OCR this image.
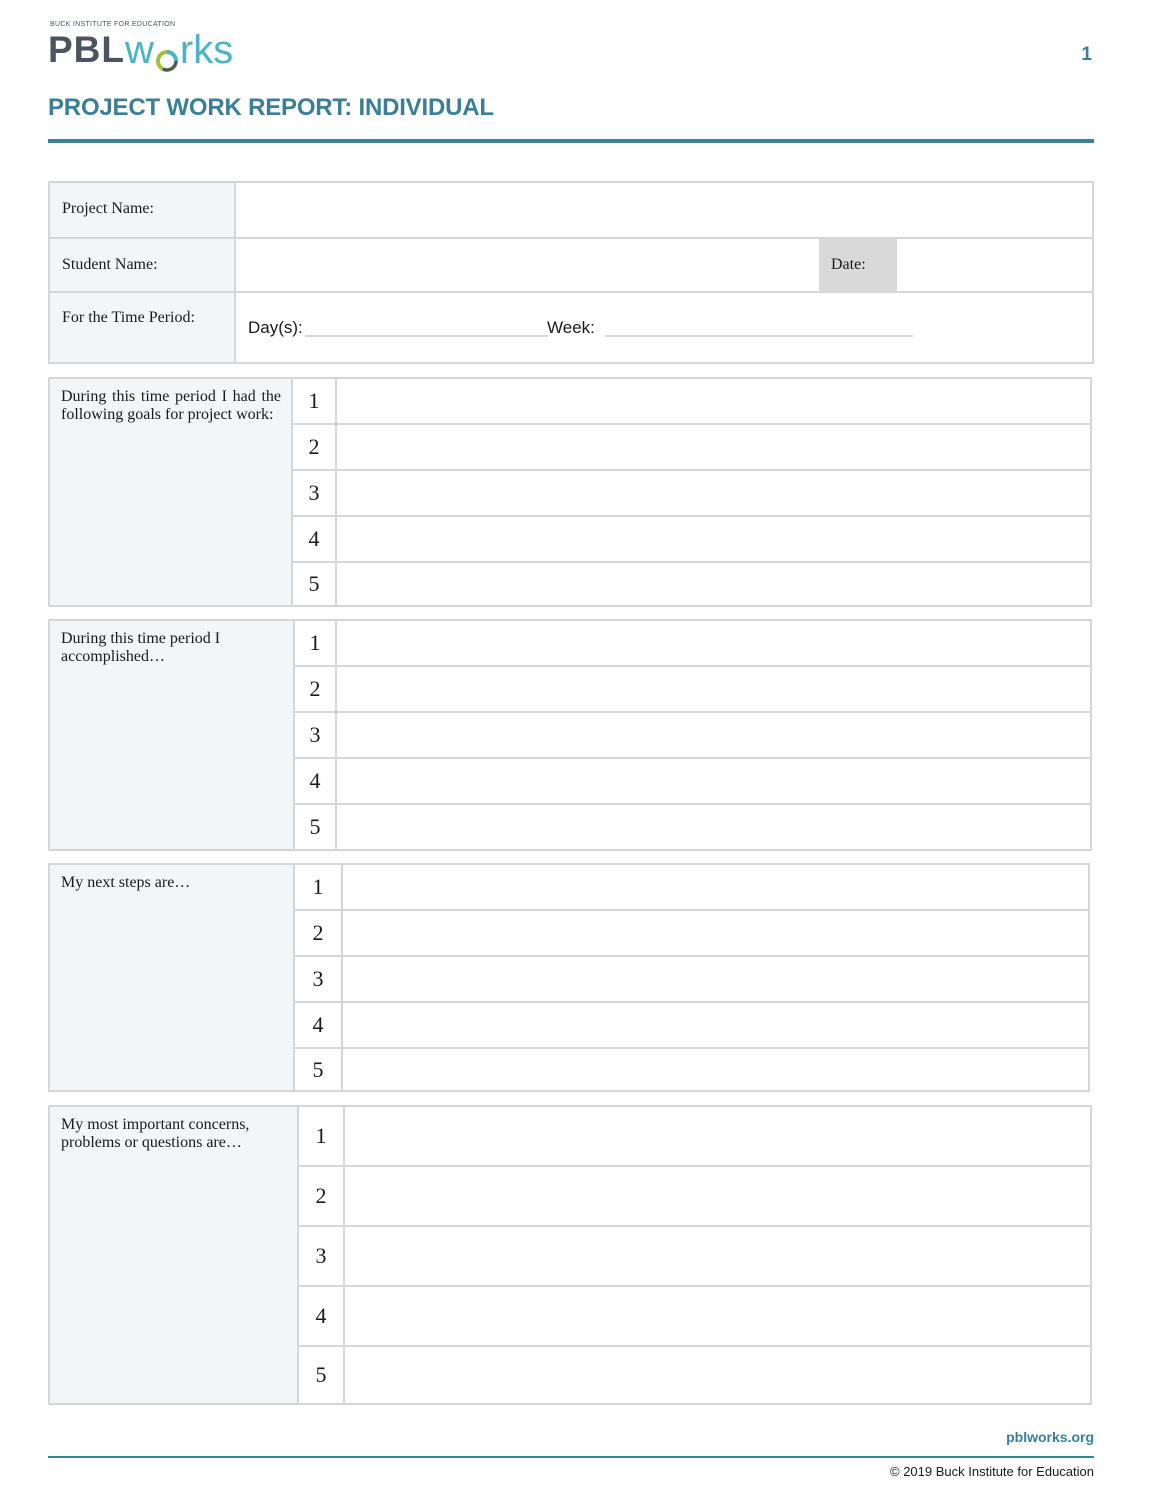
BUCK INSTITUTE FOR EDUCATION
PBL w rks	1
PROJECT WORK REPORT: INDIVIDUAL
Project Name:
Student Name:	Date:
For the Time Period:
Day(s):	Week:
During this time period I had the following goals for project work:
1
2
3
4
5
During this time period I accomplished…
1
2
3
4
5
My next steps are…	1
2
3
4
5
My most important concerns, problems or questions are…	1
2
3
4
5
pblworks.org
© 2019 Buck Institute for Education
